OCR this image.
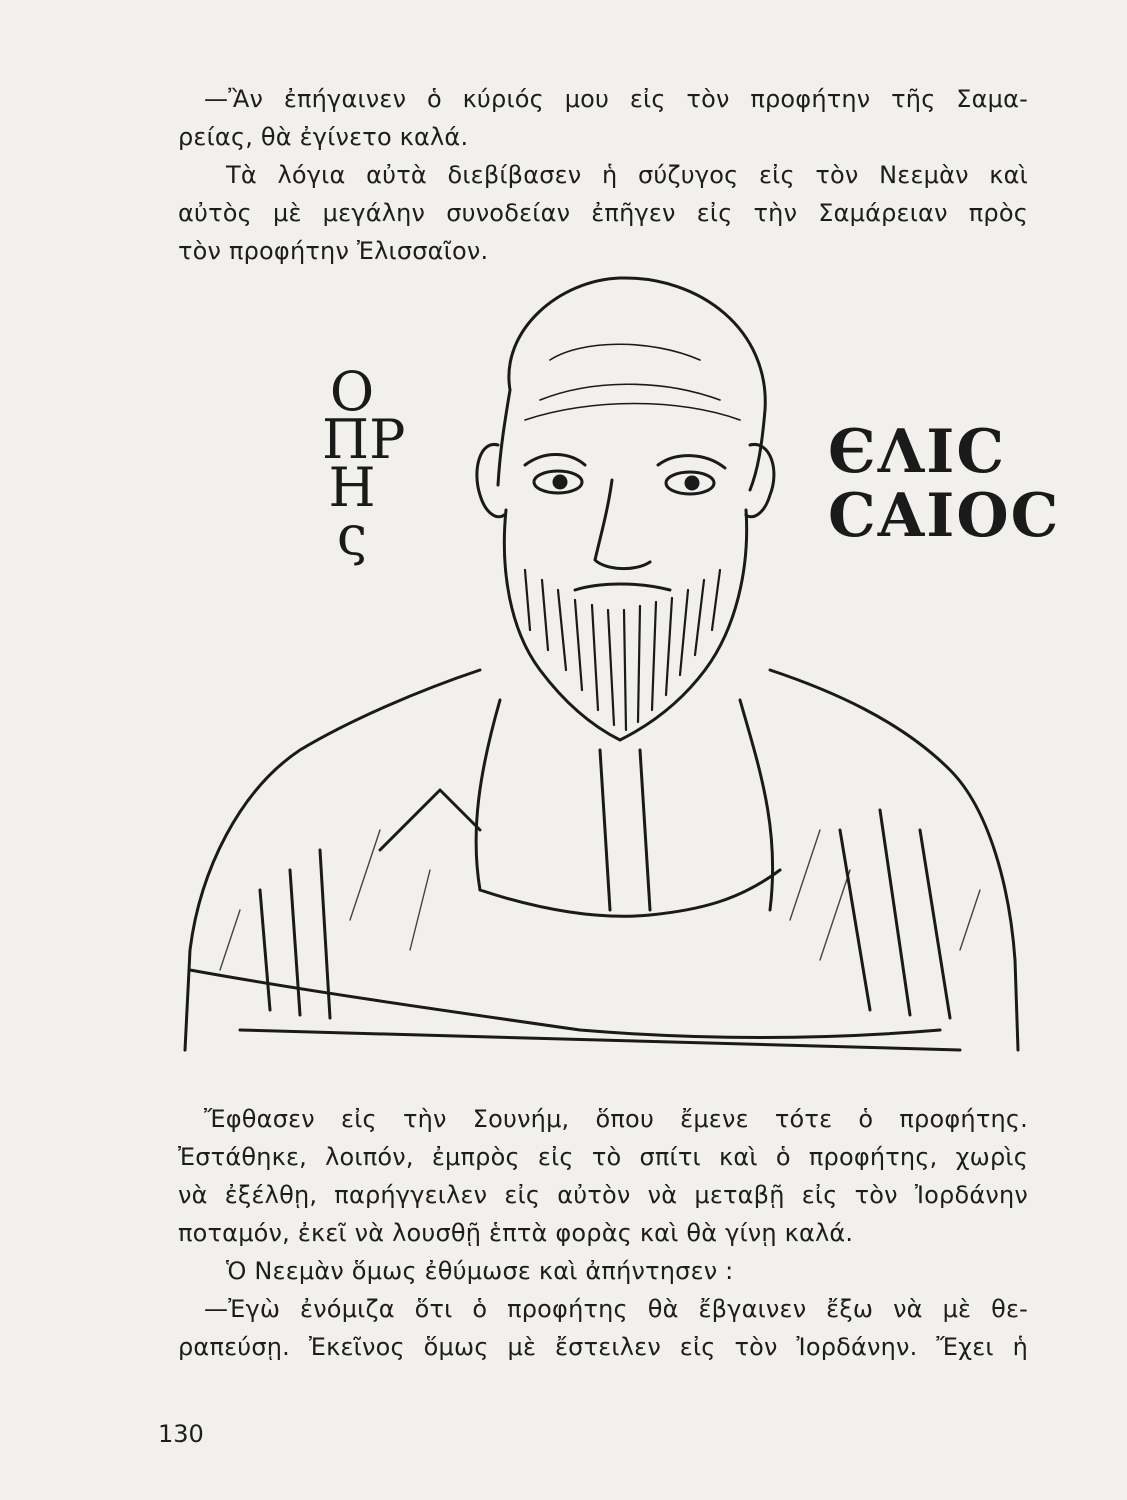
—Ἂν ἐπήγαινεν ὁ κύριός μου εἰς τὸν προφήτην τῆς Σαμα-
ρείας, θὰ ἐγίνετο καλά.
Τὰ λόγια αὐτὰ διεβίβασεν ἡ σύζυγος εἰς τὸν Νεεμὰν καὶ
αὐτὸς μὲ μεγάλην συνοδείαν ἐπῆγεν εἰς τὴν Σαμάρειαν πρὸς
τὸν προφήτην Ἐλισσαῖον.
Ο
ΠΡ
Η
ς
ЄΛΙC
CΑΙΟC
Ἔφθασεν εἰς τὴν Σουνήμ, ὅπου ἔμενε τότε ὁ προφήτης.
Ἐστάθηκε, λοιπόν, ἐμπρὸς εἰς τὸ σπίτι καὶ ὁ προφήτης, χωρὶς
νὰ ἐξέλθῃ, παρήγγειλεν εἰς αὐτὸν νὰ μεταβῇ εἰς τὸν Ἰορδάνην
ποταμόν, ἐκεῖ νὰ λουσθῇ ἑπτὰ φορὰς καὶ θὰ γίνῃ καλά.
Ὁ Νεεμὰν ὅμως ἐθύμωσε καὶ ἀπήντησεν :
—Ἐγὼ ἐνόμιζα ὅτι ὁ προφήτης θὰ ἔβγαινεν ἔξω νὰ μὲ θε-
ραπεύσῃ. Ἐκεῖνος ὅμως μὲ ἔστειλεν εἰς τὸν Ἰορδάνην. Ἔχει ἡ
130
